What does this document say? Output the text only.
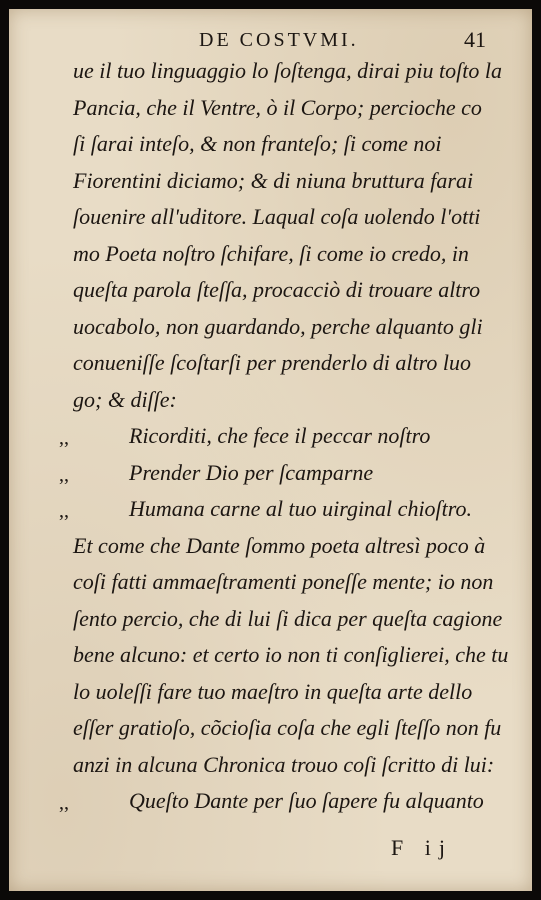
DE COSTVMI.	41
ue il tuo linguaggio lo ſoſtenga, dirai piu toſto la
Pancia, che il Ventre, ò il Corpo; percioche co
ſi ſarai inteſo, & non franteſo; ſi come noi
Fiorentini diciamo; & di niuna bruttura farai
ſouenire all'uditore. Laqual coſa uolendo l'otti
mo Poeta noſtro ſchifare, ſi come io credo, in
queſta parola ſteſſa, procacciò di trouare altro
uocabolo, non guardando, perche alquanto gli
conueniſſe ſcoſtarſi per prenderlo di altro luo
go; & diſſe:
,,	Ricorditi, che fece il peccar noſtro
,,	Prender Dio per ſcamparne
,,	Humana carne al tuo uirginal chioſtro.
Et come che Dante ſommo poeta altresì poco à
coſi fatti ammaeſtramenti poneſſe mente; io non
ſento percio, che di lui ſi dica per queſta cagione
bene alcuno: et certo io non ti conſiglierei, che tu
lo uoleſſi fare tuo maeſtro in queſta arte dello
eſſer gratioſo, cõcioſia coſa che egli ſteſſo non fu
anzi in alcuna Chronica trouo coſi ſcritto di lui:
,,	Queſto Dante per ſuo ſapere fu alquanto
F ij
